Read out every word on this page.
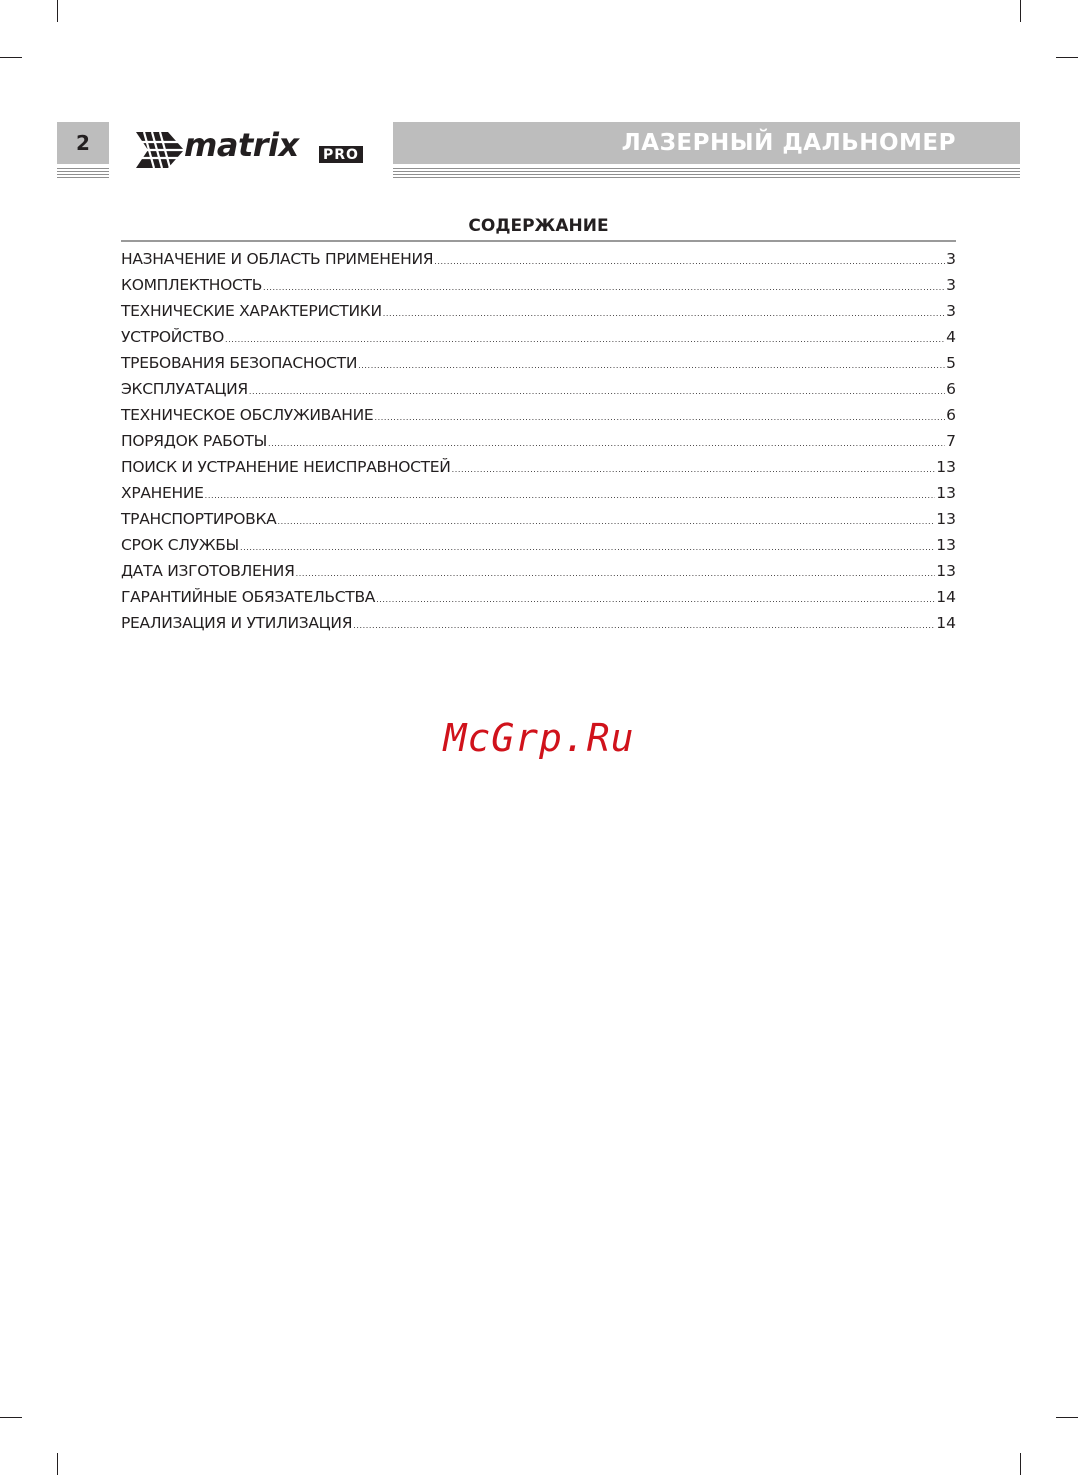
2	matrix PRO	ЛАЗЕРНЫЙ ДАЛЬНОМЕР
СОДЕРЖАНИЕ
НАЗНАЧЕНИЕ И ОБЛАСТЬ ПРИМЕНЕНИЯ .....	3
КОМПЛЕКТНОСТЬ .....	3
ТЕХНИЧЕСКИЕ ХАРАКТЕРИСТИКИ .....	3
УСТРОЙСТВО .....	4
ТРЕБОВАНИЯ БЕЗОПАСНОСТИ .....	5
ЭКСПЛУАТАЦИЯ .....	6
ТЕХНИЧЕСКОЕ ОБСЛУЖИВАНИЕ .....	6
ПОРЯДОК РАБОТЫ .....	7
ПОИСК И УСТРАНЕНИЕ НЕИСПРАВНОСТЕЙ .....	13
ХРАНЕНИЕ .....	13
ТРАНСПОРТИРОВКА .....	13
СРОК СЛУЖБЫ .....	13
ДАТА ИЗГОТОВЛЕНИЯ .....	13
ГАРАНТИЙНЫЕ ОБЯЗАТЕЛЬСТВА .....	14
РЕАЛИЗАЦИЯ И УТИЛИЗАЦИЯ .....	14
McGrp.Ru
